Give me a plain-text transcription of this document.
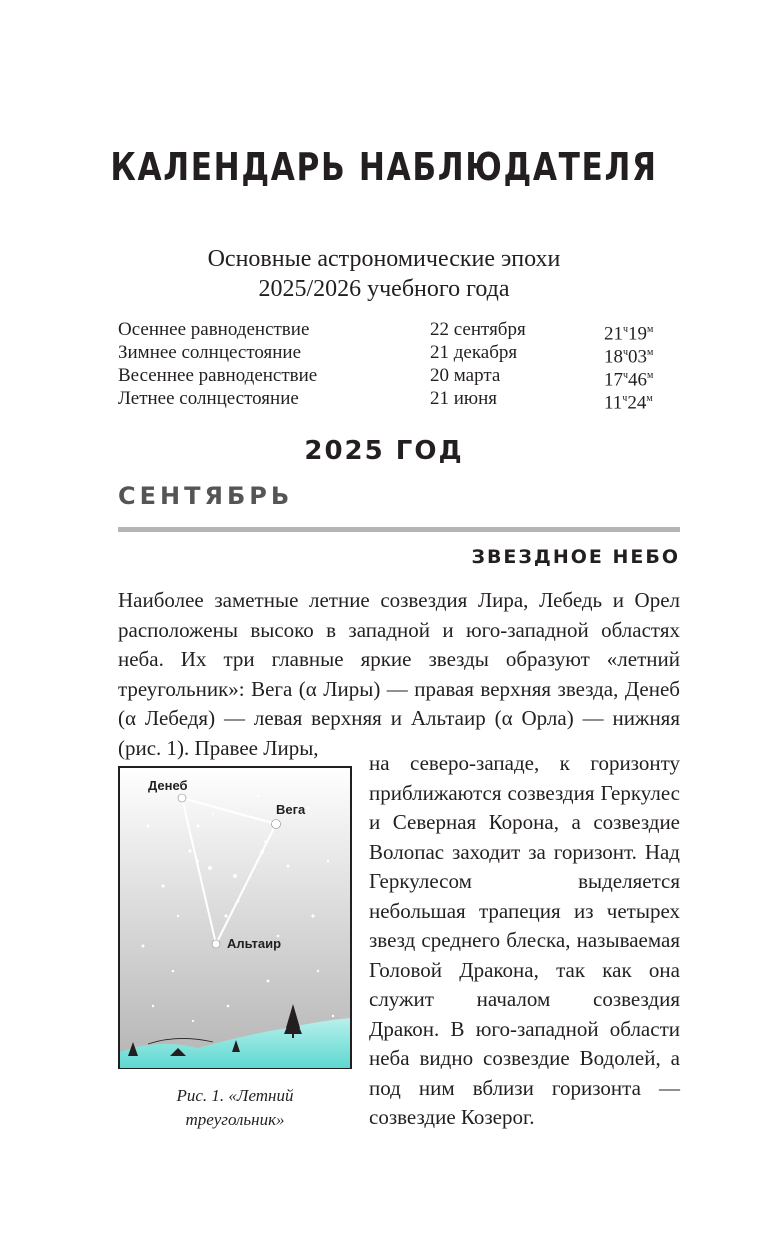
КАЛЕНДАРЬ НАБЛЮДАТЕЛЯ
Основные астрономические эпохи
2025/2026 учебного года
Осеннее равноденствие	22 сентября	$21^ч19^м$
Зимнее солнцестояние	21 декабря	$18^ч03^м$
Весеннее равноденствие	20 марта	$17^ч46^м$
Летнее солнцестояние	21 июня	$11^ч24^м$
2025 ГОД
СЕНТЯБРЬ
ЗВЕЗДНОЕ НЕБО
Наиболее заметные летние созвездия Лира, Лебедь и Орел расположены высоко в западной и юго-западной областях неба. Их три главные яркие звезды образуют «летний треугольник»: Вега (α Лиры) — правая верхняя звезда, Денеб (α Лебедя) — левая верхняя и Альтаир (α Орла) — нижняя (рис. 1). Правее Лиры,
Денеб
Вега
Альтаир
Рис. 1. «Летний
треугольник»
на северо-западе, к горизонту приближаются созвездия Геркулес и Северная Корона, а созвездие Волопас заходит за горизонт. Над Геркулесом выделяется небольшая трапеция из четырех звезд среднего блеска, называемая Головой Дракона, так как она служит началом созвездия Дракон. В юго-западной области неба видно созвездие Водолей, а под ним вблизи горизонта — созвездие Козерог.
